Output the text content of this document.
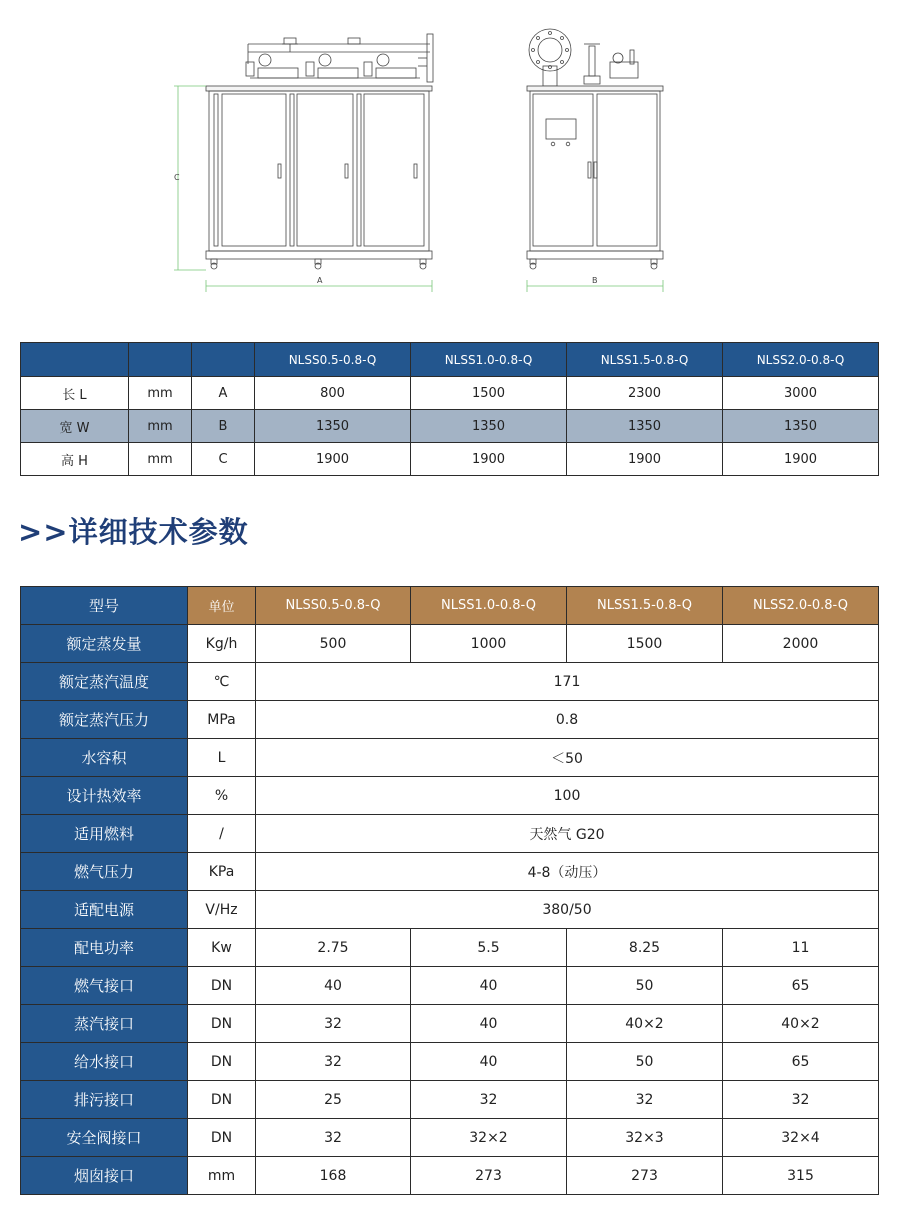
C
A	B
			NLSS0.5-0.8-Q	NLSS1.0-0.8-Q	NLSS1.5-0.8-Q	NLSS2.0-0.8-Q
长 L	mm	A	800	1500	2300	3000
宽 W	mm	B	1350	1350	1350	1350
高 H	mm	C	1900	1900	1900	1900
>>详细技术参数
型号	单位	NLSS0.5-0.8-Q	NLSS1.0-0.8-Q	NLSS1.5-0.8-Q	NLSS2.0-0.8-Q
额定蒸发量	Kg/h	500	1000	1500	2000
额定蒸汽温度	℃	171			
额定蒸汽压力	MPa	0.8			
水容积	L	＜50			
设计热效率	%	100			
适用燃料	/	天然气 G20			
燃气压力	KPa	4-8（动压）			
适配电源	V/Hz	380/50			
配电功率	Kw	2.75	5.5	8.25	11
燃气接口	DN	40	40	50	65
蒸汽接口	DN	32	40	40×2	40×2
给水接口	DN	32	40	50	65
排污接口	DN	25	32	32	32
安全阀接口	DN	32	32×2	32×3	32×4
烟囱接口	mm	168	273	273	315
